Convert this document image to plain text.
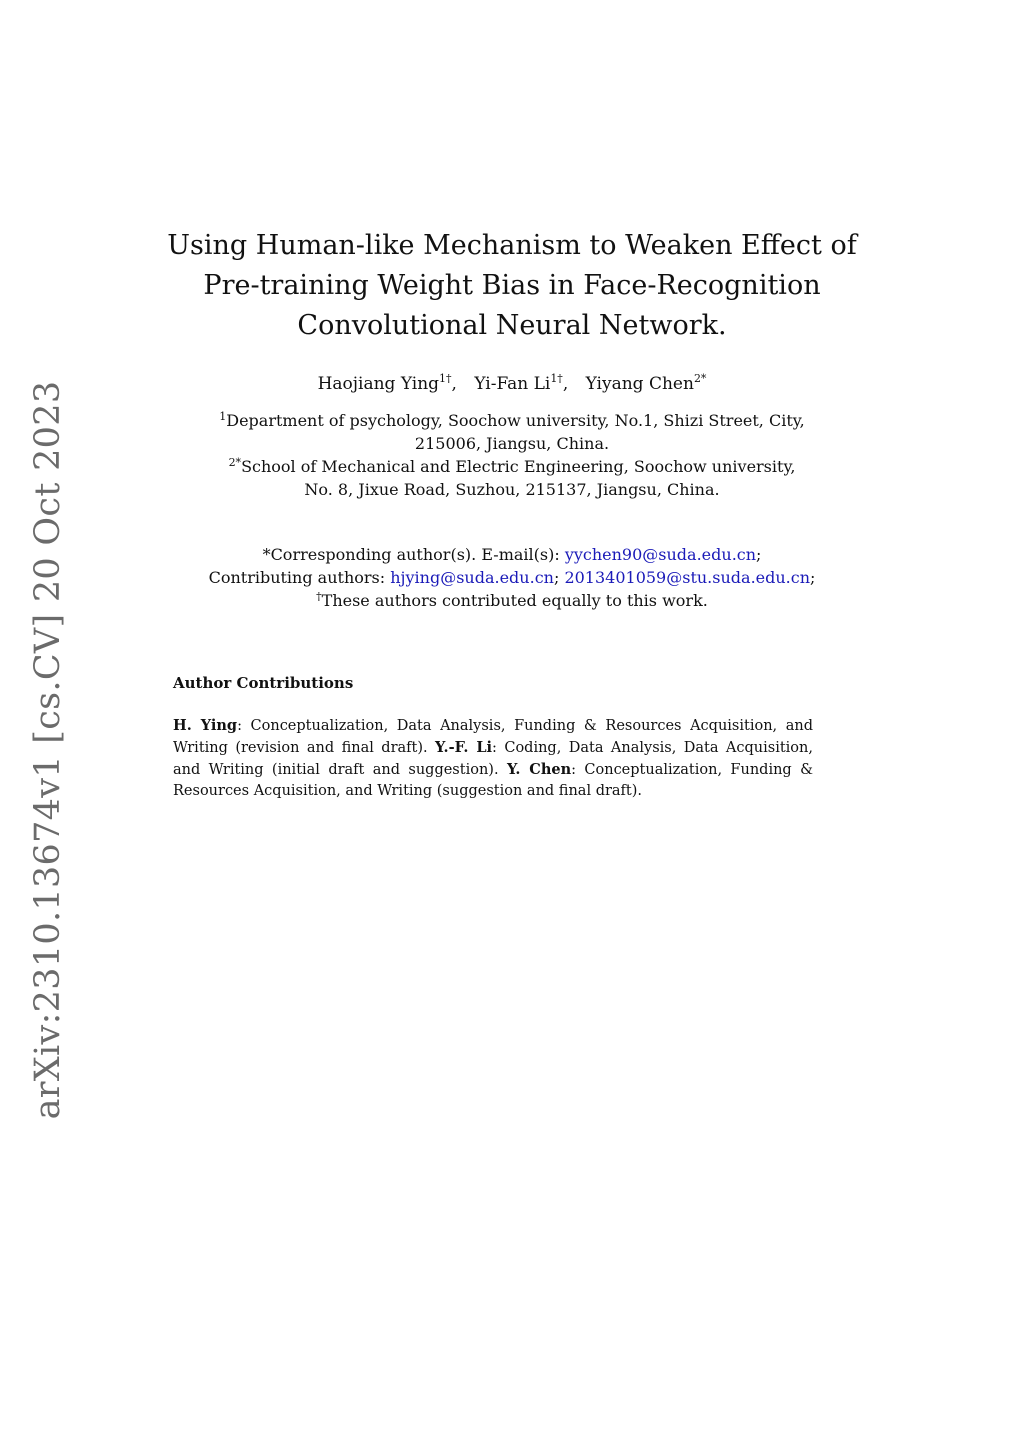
arXiv:2310.13674v1 [cs.CV] 20 Oct 2023
Using Human-like Mechanism to Weaken Effect of
Pre-training Weight Bias in Face-Recognition
Convolutional Neural Network.
Haojiang Ying$^{1\dagger}$, Yi-Fan $Li^{1\dagger}$, Yiyang Chen$^{2*}$
$^1$Department of psychology, Soochow university, No.1, Shizi Street, City,
215006, Jiangsu, China.
$^{2*}$School of Mechanical and Electric Engineering, Soochow university,
No. 8, Jixue Road, Suzhou, 215137, Jiangsu, China.
*Corresponding author(s). E-mail(s): yychen90@suda.edu.cn;
Contributing authors: hjying@suda.edu.cn; 2013401059@stu.suda.edu.cn;
†These authors contributed equally to this work.
Author Contributions
H. Ying: Conceptualization, Data Analysis, Funding & Resources Acquisition, and
Writing (revision and final draft). Y.-F. Li: Coding, Data Analysis, Data Acquisition,
and Writing (initial draft and suggestion). Y. Chen: Conceptualization, Funding &
Resources Acquisition, and Writing (suggestion and final draft).
